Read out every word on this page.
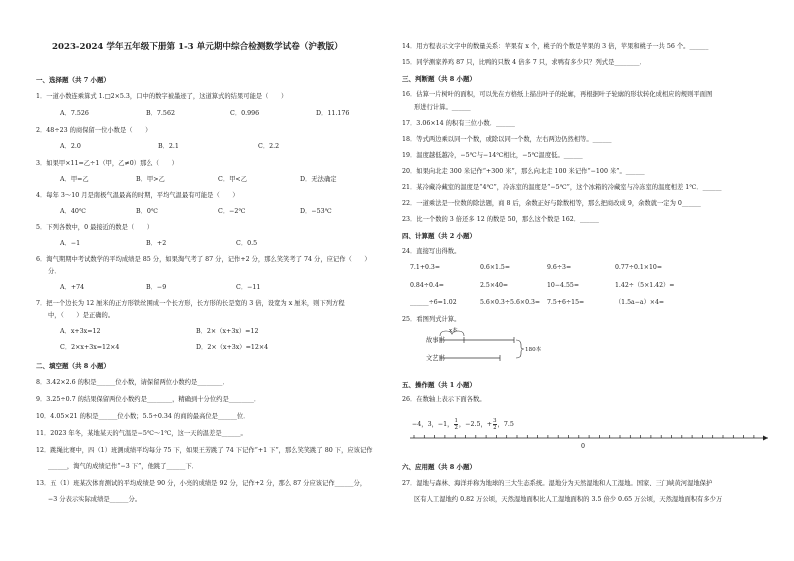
2023-2024 学年五年级下册第 1-3 单元期中综合检测数学试卷（沪教版）
一、选择题（共 7 小题）
1．一道小数连乘算式 1.□2×5.3，口中的数字被墨迹了，这道算式的结果可能是（　　）
A．7.526	B．7.562	C．0.996	D．11.176
2．48÷23 的商保留一位小数是（　　）
A．2.0	B．2.1	C．2.2
3．如果甲×11=乙÷1（甲，乙≠0）那么（　　）
A．甲=乙	B．甲>乙	C．甲<乙	D．无法确定
4．每年 3～10 月是南极气温最高的时期，平均气温最有可能是（　　）
A．40℃	B．0℃	C．−2℃	D．−53℃
5．下列各数中，0 最接近的数是（　　）
A．−1	B．+2	C．0.5
6．淘气期期中考试数学的平均成绩是 85 分，如果淘气考了 87 分，记作+2 分，那么笑笑考了 74 分，应记作（　　）
分．
A．+74	B．−9	C．−11
7．把一个边长为 12 厘米的正方形铁丝围成一个长方形，长方形的长是宽的 3 倍，设宽为 x 厘米，则下列方程
中，（　　）是正确的。
A．x+3x=12	B．2×（x+3x）=12
C．2×x+3x=12×4	D．2×（x+3x）=12×4
二、填空题（共 8 小题）
8．3.42×2.6 的积是______位小数，请保留两位小数约是________．
9．3.25÷0.7 的结果保留两位小数约是________，精确到十分位约是________．
10．4.05×21 的积是______位小数；5.5÷0.34 的商的最高位是______位．
11．2023 年冬，某地某天的气温是−5℃～1℃，这一天的温差是______。
12．跳绳比赛中，四（1）班测成绩平均每分 75 下，如果王芳跳了 74 下记作“+1 下”，那么笑笑跳了 80 下，应该记作
______，淘气的成绩记作“−3 下”，他跳了______下．
13．五（1）班某次体育测试的平均成绩是 90 分，小亮的成绩是 92 分，记作+2 分，那么 87 分应该记作______分，
−3 分表示实际成绩是______分。
14．用方程表示文字中的数量关系：苹果有 x 个，桃子的个数是苹果的 3 倍，苹果和桃子一共 56 个。______
15．同学测家养鸡 87 只，比鸭的只数 4 倍多 7 只，求鸭有多少只？列式是________．
三、判断题（共 8 小题）
16．估算一片树叶的面积，可以先在方格纸上描出叶子的轮廓，再根据叶子轮廓的形状转化成相应的规则平面图
形进行计算。______
17．3.06×14 的积有三位小数．______
18．等式两边乘以同一个数，或除以同一个数，左右两边仍然相等。______
19．温度越低越冷，−5℃与−14℃相比，−5℃温度低。______
20．如果向北走 300 米记作“+300 米”，那么向北走 100 米记作“−100 米”。______
21．某冷藏冷藏室的温度是“4℃”，冷冻室的温度是“−5℃”，这个冰箱的冷藏室与冷冻室的温度相差 1℃．______
22．一道乘法是一位数的除法题，商 8 后，余数正好与除数相等，那么把商改成 9，余数就一定为 0______
23．比一个数的 3 倍还多 12 的数是 50，那么这个数是 162．______
四、计算题（共 2 小题）
24．直接写出得数。
7.1+0.3=	0.6×1.5=	9.6÷3=	0.77÷0.1×10=
0.84÷0.4=	2.5×40=	10−4.55=	1.42÷（5×1.42）=
______÷6=1.02	5.6×0.3÷5.6×0.3= 7.5+6÷15=	（1.5a−a）×4=
25．看图列式计算。
故事书
文艺书
x本
180本
五、操作题（共 1 小题）
26．在数轴上表示下面各数。
−4，3，−1， $\frac{1}{2}$ ，−2.5，+ $\frac{3}{2}$ ，7.5
0
六、应用题（共 8 小题）
27．湿地与森林、海洋并称为地球的三大生态系统。湿地分为天然湿地和人工湿地。国家、三门峡黄河湿地保护
区有人工湿地约 0.82 万公顷，天然湿地面积比人工湿地面积的 3.5 倍少 0.65 万公顷，天然湿地面积有多少万
